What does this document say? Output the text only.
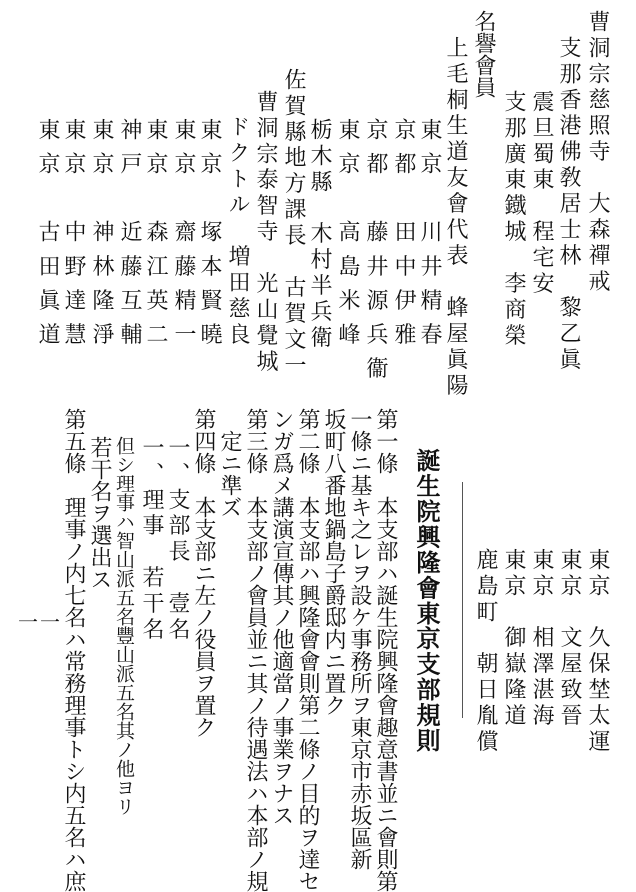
曹洞宗慈照寺　大森禪戒
支那香港佛敎居士林　黎乙眞
震旦蜀東　程宅安
支那廣東鐡城　李商榮
名譽會員
上毛桐生道友會代表　蜂屋眞陽
東京　川井精春
京都　田中伊雅
京都　藤井源兵衞
東京　高島米峰
栃木縣　木村半兵衛
佐賀縣地方課長　古賀文一
曹洞宗泰智寺　光山覺城
ドクトル　増田慈良
東京　塚本賢曉
東京　齋藤精一
東京　森江英二
神戸　近藤互輔
東京　神林隆淨
東京　中野達慧
東京　古田眞道
東京　久保埜太運
東京　文屋致晉
東京　相澤湛海
東京　御嶽隆道
鹿島町　朝日胤償
誕生院興隆會東京支部規則
第一條　本支部ハ誕生院興隆會趣意書並ニ會則第
一條ニ基キ之レヲ設ケ事務所ヲ東京市赤坂區新
坂町八番地鍋島子爵邸内ニ置ク
第二條　本支部ハ興隆會會則第二條ノ目的ヲ達セ
ンガ爲メ講演宣傳其ノ他適當ノ事業ヲナス
第三條　本支部ノ會員並ニ其ノ待遇法ハ本部ノ規
定ニ準ズ
第四條　本支部ニ左ノ役員ヲ置ク
一、支部長　壹名
一、理事　若干名
但シ理事ハ智山派五名豐山派五名其ノ他ヨリ
若干名ヲ選出ス
第五條　理事ノ内七名ハ常務理事トシ内五名ハ庶
一一
